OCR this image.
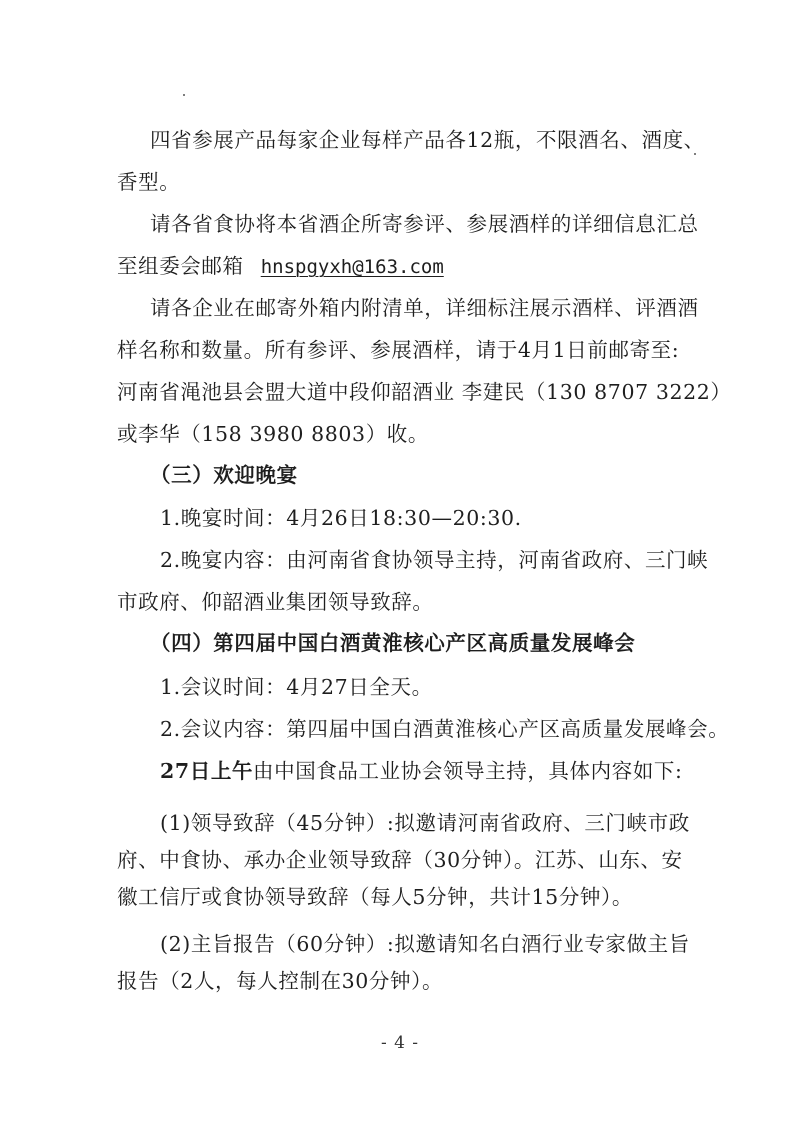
四省参展产品每家企业每样产品各12瓶，不限酒名、酒度、
香型。
请各省食协将本省酒企所寄参评、参展酒样的详细信息汇总
至组委会邮箱 hnspgyxh@163.com
请各企业在邮寄外箱内附清单，详细标注展示酒样、评酒酒
样名称和数量。所有参评、参展酒样，请于4月1日前邮寄至:
河南省渑池县会盟大道中段仰韶酒业 李建民（130 8707 3222）
或李华（158 3980 8803）收。
（三）欢迎晚宴
1.晚宴时间：4月26日18:30—20:30.
2.晚宴内容：由河南省食协领导主持，河南省政府、三门峡
市政府、仰韶酒业集团领导致辞。
（四）第四届中国白酒黄淮核心产区高质量发展峰会
1.会议时间：4月27日全天。
2.会议内容：第四届中国白酒黄淮核心产区高质量发展峰会。
27日上午由中国食品工业协会领导主持，具体内容如下:
(1)领导致辞（45分钟）:拟邀请河南省政府、三门峡市政
府、中食协、承办企业领导致辞（30分钟）。江苏、山东、安
徽工信厅或食协领导致辞（每人5分钟，共计15分钟）。
(2)主旨报告（60分钟）:拟邀请知名白酒行业专家做主旨
报告（2人，每人控制在30分钟）。
- 4 -
